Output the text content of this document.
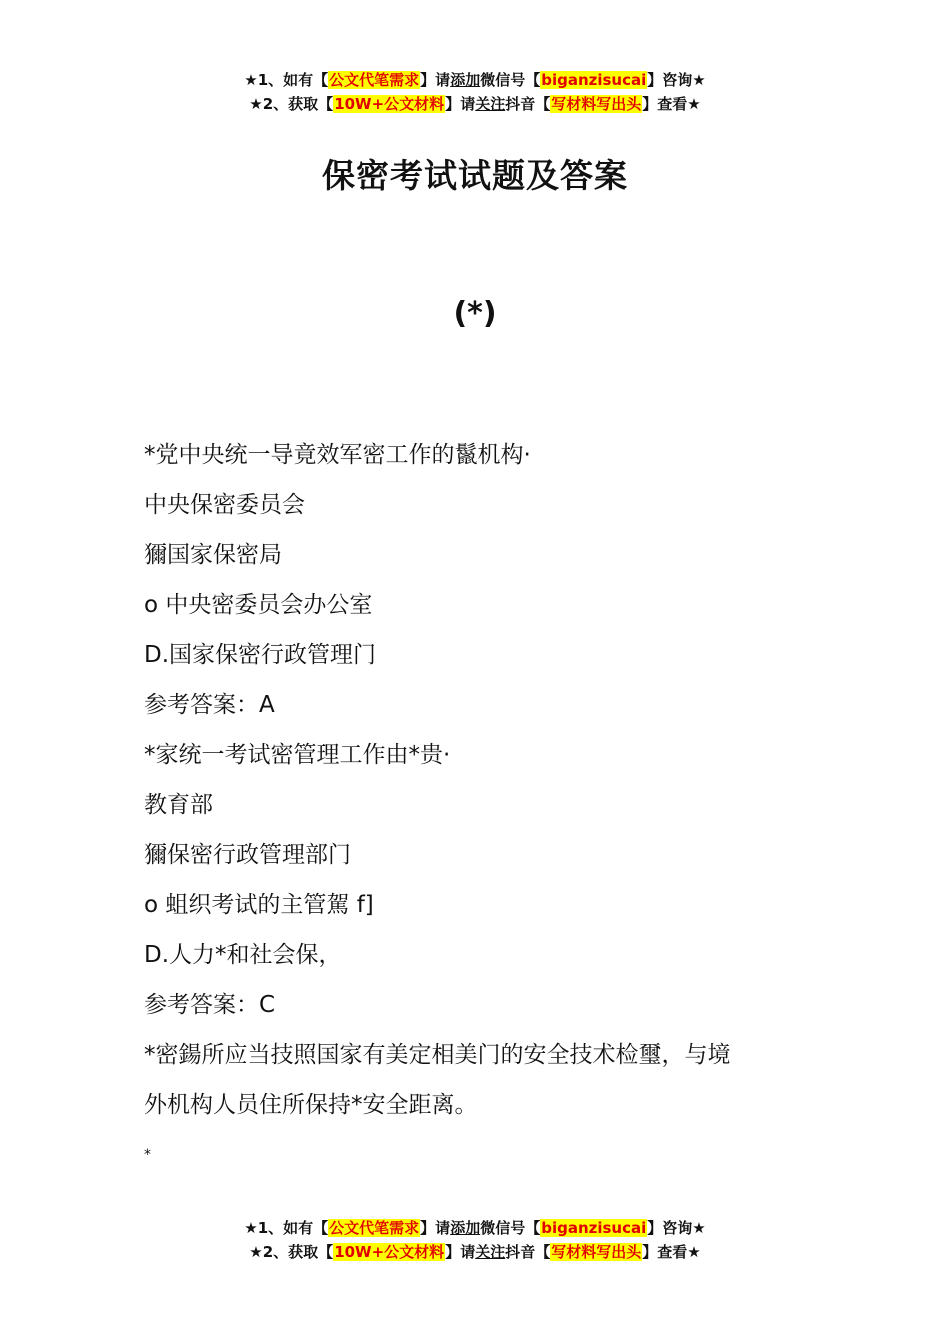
★1、如有【公文代笔需求】请添加微信号【biganzisucai】咨询★
★2、获取【10W+公文材料】请关注抖音【写材料写出头】查看★
保密考试试题及答案
(*)
*党中央统一导竟效军密工作的鬣机构·
中央保密委员会
獮国家保密局
o 中央密委员会办公室
D.国家保密行政管理门
参考答案：A
*家统一考试密管理工作由*贵·
教育部
獮保密行政管理部门
o 蛆织考试的主管駕 f]
D.人力*和社会保，
参考答案：C
*密鍚所应当技照国家有美定相美门的安全技术检璽，与境
外机构人员住所保持*安全距离。
*
★1、如有【公文代笔需求】请添加微信号【biganzisucai】咨询★
★2、获取【10W+公文材料】请关注抖音【写材料写出头】查看★
